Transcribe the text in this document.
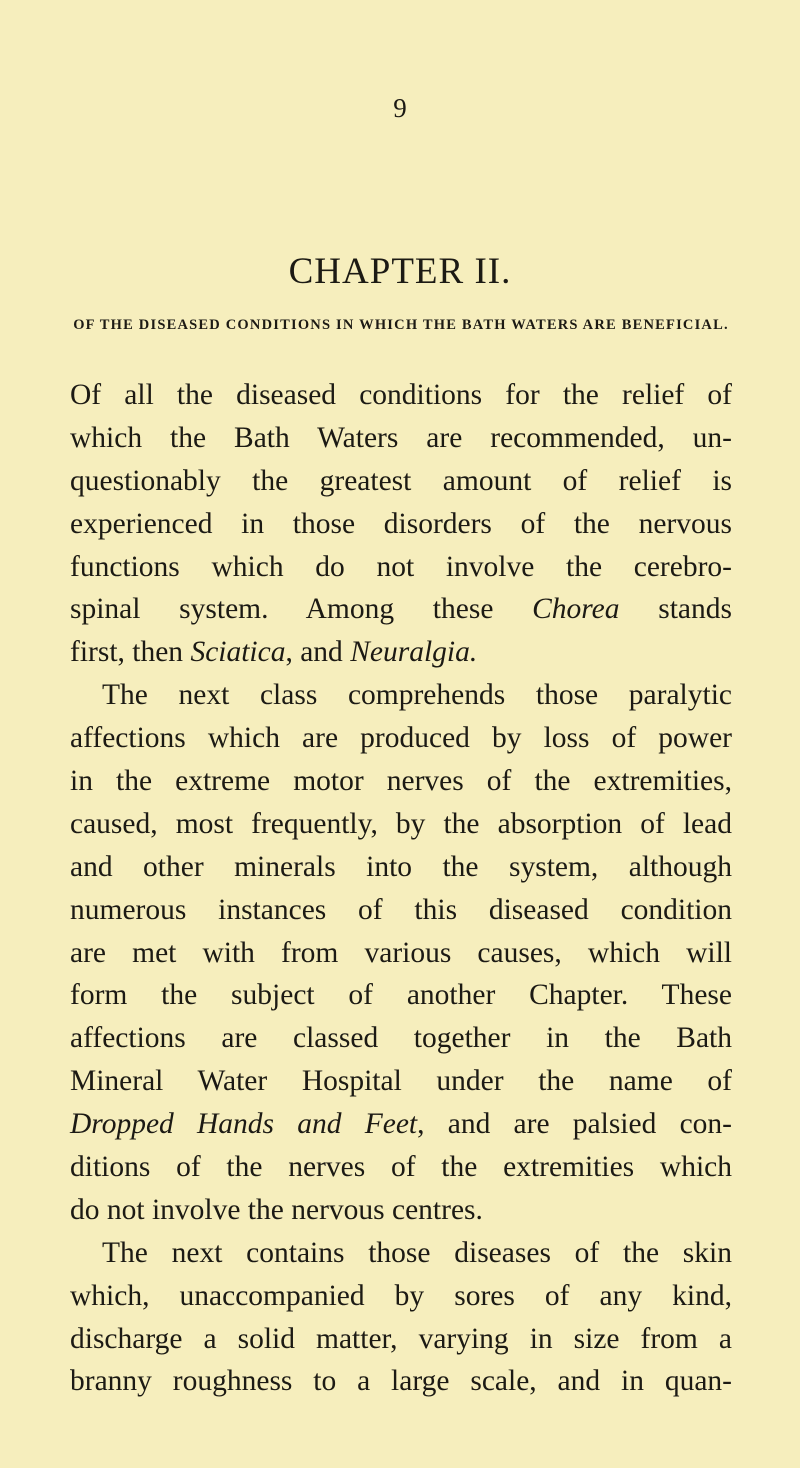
9
CHAPTER II.
OF THE DISEASED CONDITIONS IN WHICH THE BATH WATERS ARE BENEFICIAL.
Of all the diseased conditions for the relief of
which the Bath Waters are recommended, un-
questionably the greatest amount of relief is
experienced in those disorders of the nervous
functions which do not involve the cerebro-
spinal system. Among these Chorea stands
first, then Sciatica, and Neuralgia.
The next class comprehends those paralytic
affections which are produced by loss of power
in the extreme motor nerves of the extremities,
caused, most frequently, by the absorption of lead
and other minerals into the system, although
numerous instances of this diseased condition
are met with from various causes, which will
form the subject of another Chapter. These
affections are classed together in the Bath
Mineral Water Hospital under the name of
Dropped Hands and Feet, and are palsied con-
ditions of the nerves of the extremities which
do not involve the nervous centres.
The next contains those diseases of the skin
which, unaccompanied by sores of any kind,
discharge a solid matter, varying in size from a
branny roughness to a large scale, and in quan-
